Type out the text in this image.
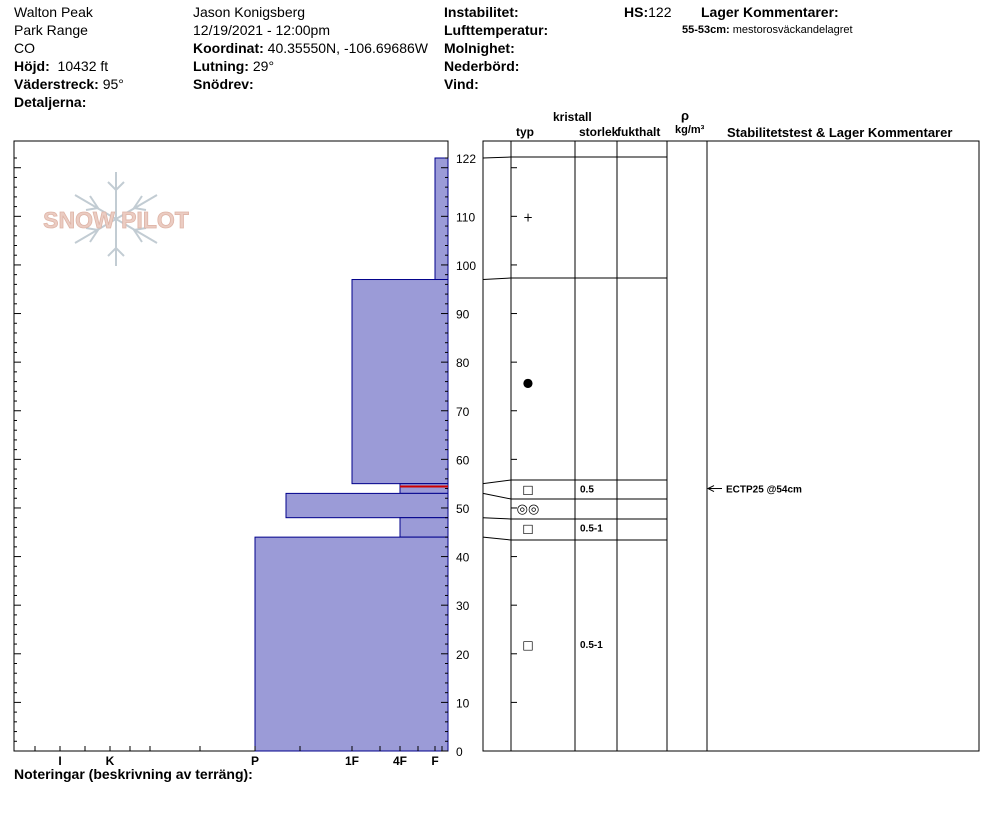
Walton Peak
Park Range
CO
Höjd: 10432 ft
Väderstreck: 95°
Detaljerna:
Jason Konigsberg
12/19/2021 - 12:00pm
Koordinat: 40.35550N, -106.69686W
Lutning: 29°
Snödrev:
Instabilitet:
Lufttemperatur:
Molnighet:
Nederbörd:
Vind:
HS:122 Lager Kommentarer:
55-53cm: mestorosväckandelagret
kristall
typ	storlek
fukthalt
ρ
kg/m³ Stabilitetstest & Lager Kommentarer
SNOW PILOT
0
10
20
30
40
50
60
70
80
90
100
110
122
I	K	P	1F	4F F
+
●
□	0.5
◎◎
□	0.5-1
□	0.5-1
ECTP25 @54cm
Noteringar (beskrivning av terräng):
